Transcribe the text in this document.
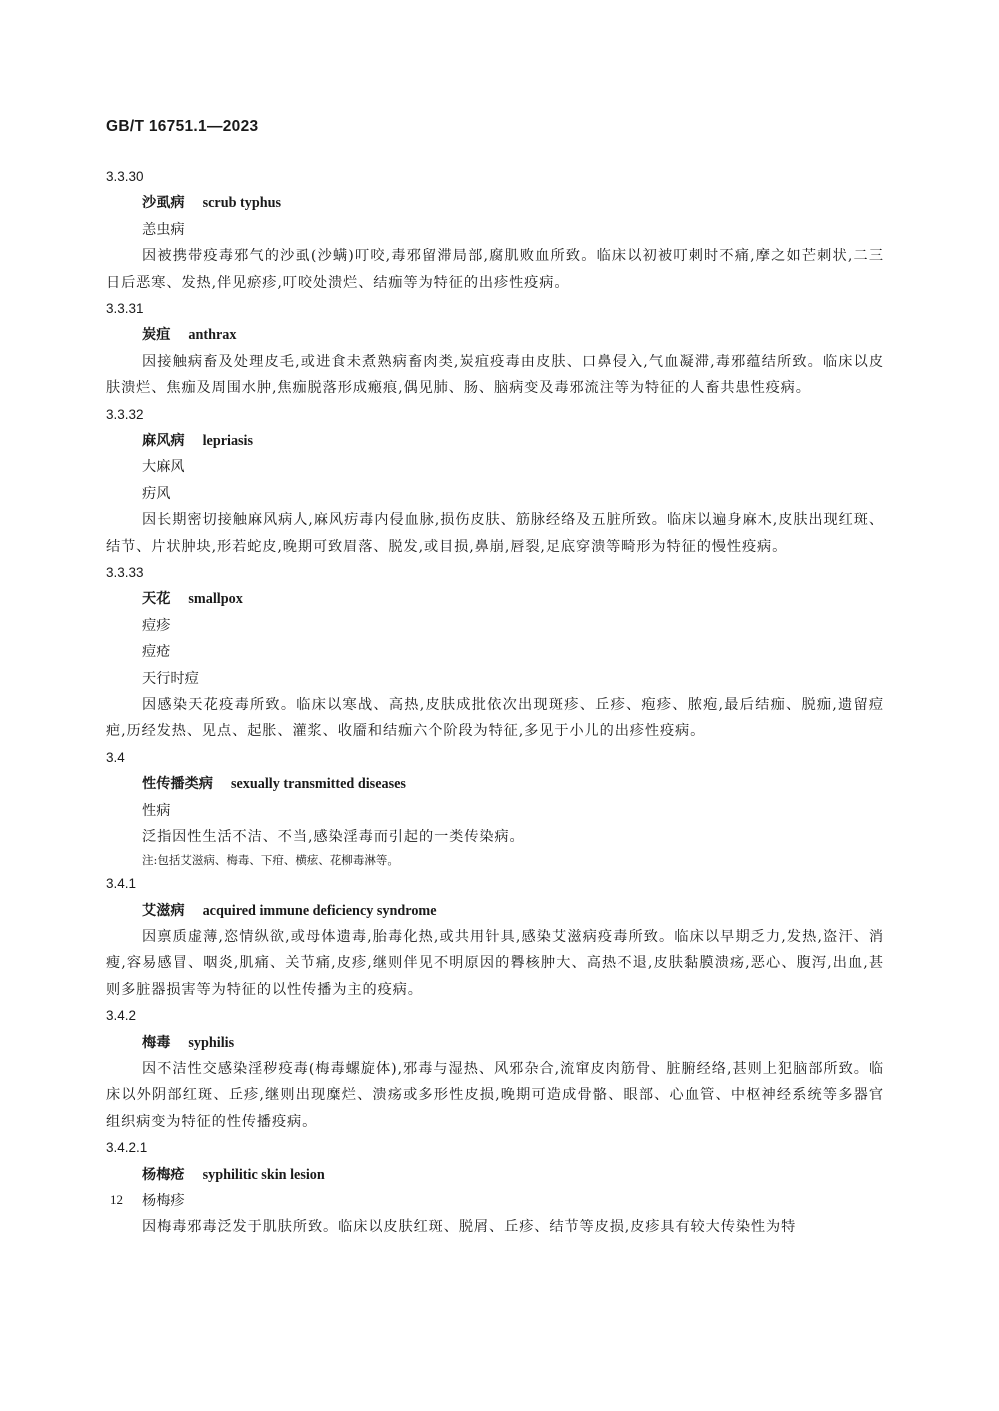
GB/T 16751.1—2023
3.3.30
沙虱病 scrub typhus
恙虫病
因被携带疫毒邪气的沙虱(沙螨)叮咬,毒邪留滞局部,腐肌败血所致。临床以初被叮刺时不痛,摩之如芒刺状,二三日后恶寒、发热,伴见瘀疹,叮咬处溃烂、结痂等为特征的出疹性疫病。
3.3.31
炭疽 anthrax
因接触病畜及处理皮毛,或进食未煮熟病畜肉类,炭疽疫毒由皮肤、口鼻侵入,气血凝滞,毒邪蕴结所致。临床以皮肤溃烂、焦痂及周围水肿,焦痂脱落形成瘢痕,偶见肺、肠、脑病变及毒邪流注等为特征的人畜共患性疫病。
3.3.32
麻风病 lepriasis
大麻风
疠风
因长期密切接触麻风病人,麻风疠毒内侵血脉,损伤皮肤、筋脉经络及五脏所致。临床以遍身麻木,皮肤出现红斑、结节、片状肿块,形若蛇皮,晚期可致眉落、脱发,或目损,鼻崩,唇裂,足底穿溃等畸形为特征的慢性疫病。
3.3.33
天花 smallpox
痘疹
痘疮
天行时痘
因感染天花疫毒所致。临床以寒战、高热,皮肤成批依次出现斑疹、丘疹、疱疹、脓疱,最后结痂、脱痂,遗留痘疤,历经发热、见点、起胀、灌浆、收靥和结痂六个阶段为特征,多见于小儿的出疹性疫病。
3.4
性传播类病 sexually transmitted diseases
性病
泛指因性生活不洁、不当,感染淫毒而引起的一类传染病。
注:包括艾滋病、梅毒、下疳、横痃、花柳毒淋等。
3.4.1
艾滋病 acquired immune deficiency syndrome
因禀质虚薄,恣情纵欲,或母体遗毒,胎毒化热,或共用针具,感染艾滋病疫毒所致。临床以早期乏力,发热,盗汗、消瘦,容易感冒、咽炎,肌痛、关节痛,皮疹,继则伴见不明原因的臖核肿大、高热不退,皮肤黏膜溃疡,恶心、腹泻,出血,甚则多脏器损害等为特征的以性传播为主的疫病。
3.4.2
梅毒 syphilis
因不洁性交感染淫秽疫毒(梅毒螺旋体),邪毒与湿热、风邪杂合,流窜皮肉筋骨、脏腑经络,甚则上犯脑部所致。临床以外阴部红斑、丘疹,继则出现糜烂、溃疡或多形性皮损,晚期可造成骨骼、眼部、心血管、中枢神经系统等多器官组织病变为特征的性传播疫病。
3.4.2.1
杨梅疮 syphilitic skin lesion
杨梅疹
因梅毒邪毒泛发于肌肤所致。临床以皮肤红斑、脱屑、丘疹、结节等皮损,皮疹具有较大传染性为特
12
